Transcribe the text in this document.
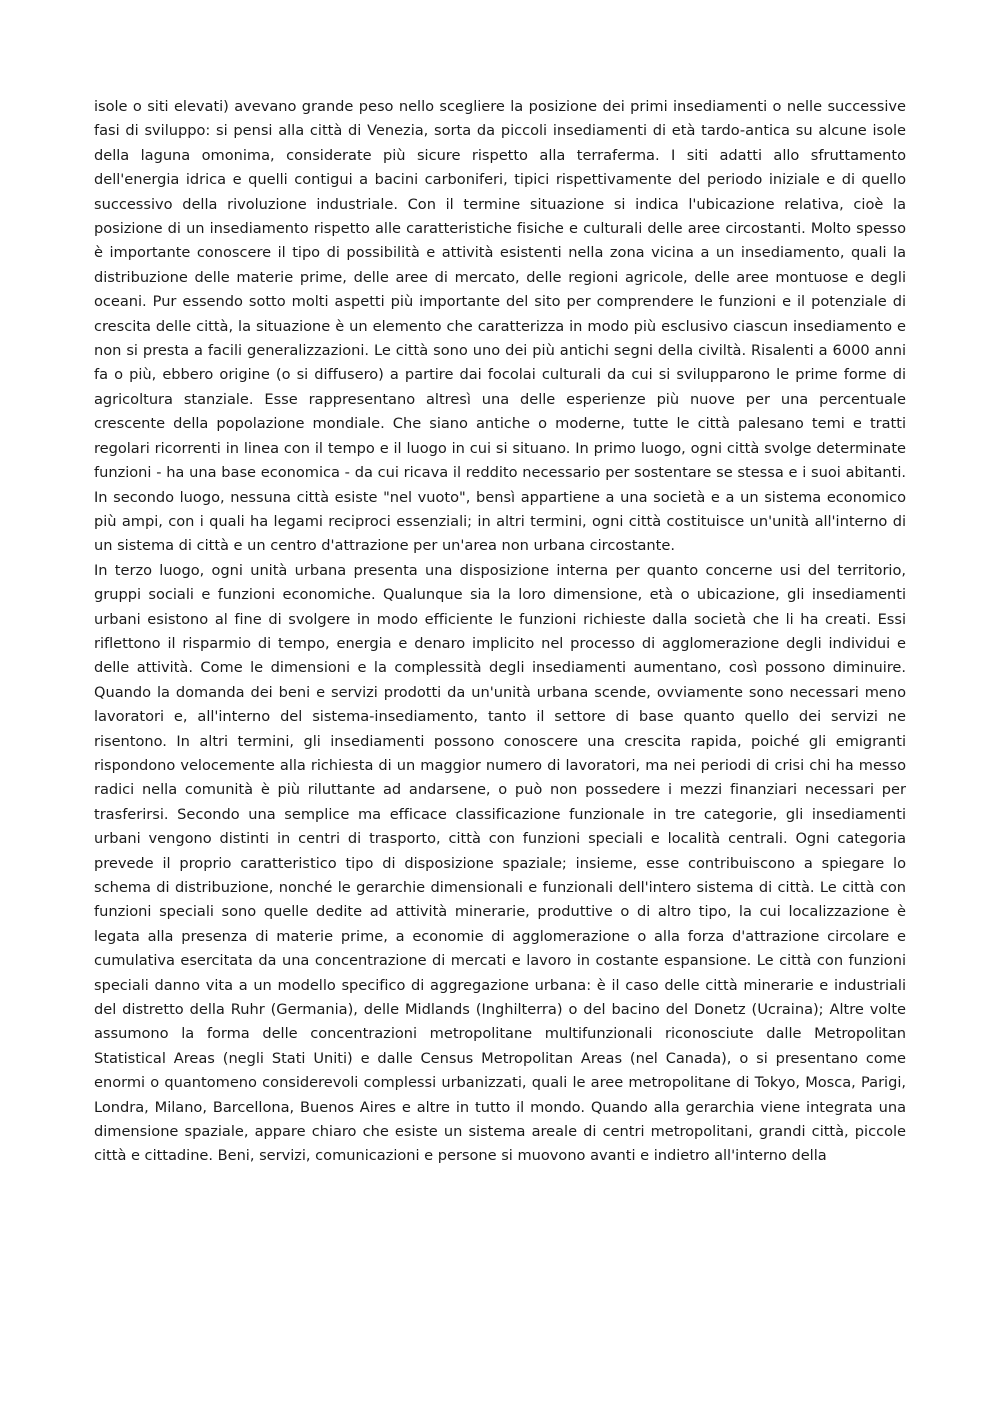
isole o siti elevati) avevano grande peso nello scegliere la posizione dei primi insediamenti o nelle successive fasi di sviluppo: si pensi alla città di Venezia, sorta da piccoli insediamenti di età tardo-antica su alcune isole della laguna omonima, considerate più sicure rispetto alla terraferma. I siti adatti allo sfruttamento dell'energia idrica e quelli contigui a bacini carboniferi, tipici rispettivamente del periodo iniziale e di quello successivo della rivoluzione industriale. Con il termine situazione si indica l'ubicazione relativa, cioè la posizione di un insediamento rispetto alle caratteristiche fisiche e culturali delle aree circostanti. Molto spesso è importante conoscere il tipo di possibilità e attività esistenti nella zona vicina a un insediamento, quali la distribuzione delle materie prime, delle aree di mercato, delle regioni agricole, delle aree montuose e degli oceani. Pur essendo sotto molti aspetti più importante del sito per comprendere le funzioni e il potenziale di crescita delle città, la situazione è un elemento che caratterizza in modo più esclusivo ciascun insediamento e non si presta a facili generalizzazioni. Le città sono uno dei più antichi segni della civiltà. Risalenti a 6000 anni fa o più, ebbero origine (o si diffusero) a partire dai focolai culturali da cui si svilupparono le prime forme di agricoltura stanziale. Esse rappresentano altresì una delle esperienze più nuove per una percentuale crescente della popolazione mondiale. Che siano antiche o moderne, tutte le città palesano temi e tratti regolari ricorrenti in linea con il tempo e il luogo in cui si situano. In primo luogo, ogni città svolge determinate funzioni - ha una base economica - da cui ricava il reddito necessario per sostentare se stessa e i suoi abitanti. In secondo luogo, nessuna città esiste "nel vuoto", bensì appartiene a una società e a un sistema economico più ampi, con i quali ha legami reciproci essenziali; in altri termini, ogni città costituisce un'unità all'interno di un sistema di città e un centro d'attrazione per un'area non urbana circostante.

In terzo luogo, ogni unità urbana presenta una disposizione interna per quanto concerne usi del territorio, gruppi sociali e funzioni economiche. Qualunque sia la loro dimensione, età o ubicazione, gli insediamenti urbani esistono al fine di svolgere in modo efficiente le funzioni richieste dalla società che li ha creati. Essi riflettono il risparmio di tempo, energia e denaro implicito nel processo di agglomerazione degli individui e delle attività. Come le dimensioni e la complessità degli insediamenti aumentano, così possono diminuire. Quando la domanda dei beni e servizi prodotti da un'unità urbana scende, ovviamente sono necessari meno lavoratori e, all'interno del sistema-insediamento, tanto il settore di base quanto quello dei servizi ne risentono. In altri termini, gli insediamenti possono conoscere una crescita rapida, poiché gli emigranti rispondono velocemente alla richiesta di un maggior numero di lavoratori, ma nei periodi di crisi chi ha messo radici nella comunità è più riluttante ad andarsene, o può non possedere i mezzi finanziari necessari per trasferirsi. Secondo una semplice ma efficace classificazione funzionale in tre categorie, gli insediamenti urbani vengono distinti in centri di trasporto, città con funzioni speciali e località centrali. Ogni categoria prevede il proprio caratteristico tipo di disposizione spaziale; insieme, esse contribuiscono a spiegare lo schema di distribuzione, nonché le gerarchie dimensionali e funzionali dell'intero sistema di città. Le città con funzioni speciali sono quelle dedite ad attività minerarie, produttive o di altro tipo, la cui localizzazione è legata alla presenza di materie prime, a economie di agglomerazione o alla forza d'attrazione circolare e cumulativa esercitata da una concentrazione di mercati e lavoro in costante espansione. Le città con funzioni speciali danno vita a un modello specifico di aggregazione urbana: è il caso delle città minerarie e industriali del distretto della Ruhr (Germania), delle Midlands (Inghilterra) o del bacino del Donetz (Ucraina); Altre volte assumono la forma delle concentrazioni metropolitane multifunzionali riconosciute dalle Metropolitan Statistical Areas (negli Stati Uniti) e dalle Census Metropolitan Areas (nel Canada), o si presentano come enormi o quantomeno considerevoli complessi urbanizzati, quali le aree metropolitane di Tokyo, Mosca, Parigi, Londra, Milano, Barcellona, Buenos Aires e altre in tutto il mondo. Quando alla gerarchia viene integrata una dimensione spaziale, appare chiaro che esiste un sistema areale di centri metropolitani, grandi città, piccole città e cittadine. Beni, servizi, comunicazioni e persone si muovono avanti e indietro all'interno della
